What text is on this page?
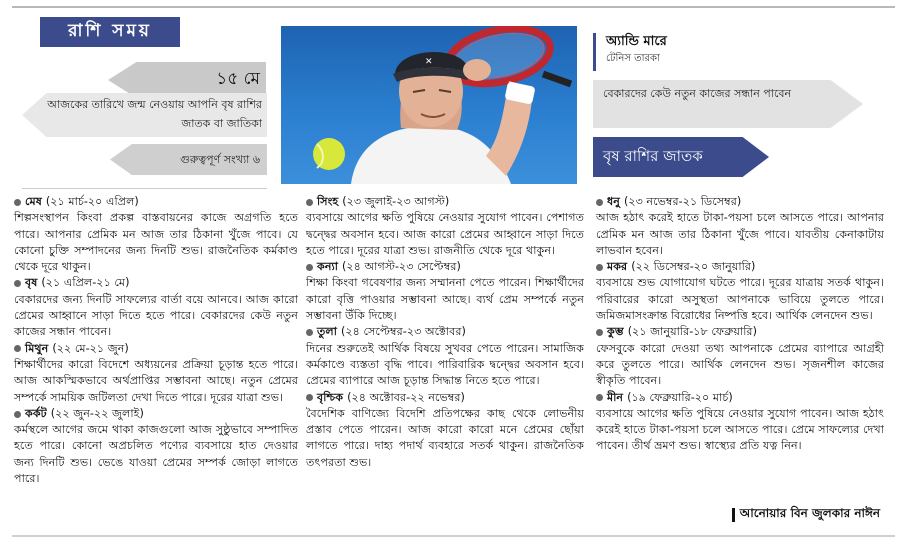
রাশি সময়
১৫ মে
আজকের তারিখে জন্ম নেওয়ায় আপনি বৃষ রাশির জাতক বা জাতিকা
গুরুত্বপূর্ণ সংখ্যা ৬
✕
অ্যান্ডি মারে
টেনিস তারকা
বেকারদের কেউ নতুন কাজের সন্ধান পাবেন
বৃষ রাশির জাতক
মেষ (২১ মার্চ-২০ এপ্রিল)
শিল্পসংস্থাপন কিংবা প্রকল্প বাস্তবায়নের কাজে অগ্রগতি হতে পারে। আপনার প্রেমিক মন আজ তার ঠিকানা খুঁজে পাবে। যে কোনো চুক্তি সম্পাদনের জন্য দিনটি শুভ। রাজনৈতিক কর্মকাণ্ড থেকে দূরে থাকুন।
বৃষ (২১ এপ্রিল-২১ মে)
বেকারদের জন্য দিনটি সাফল্যের বার্তা বয়ে আনবে। আজ কারো প্রেমের আহ্বানে সাড়া দিতে হতে পারে। বেকারদের কেউ নতুন কাজের সন্ধান পাবেন।
মিথুন (২২ মে-২১ জুন)
শিক্ষার্থীদের কারো বিদেশে অধ্যয়নের প্রক্রিয়া চূড়ান্ত হতে পারে। আজ আকস্মিকভাবে অর্থপ্রাপ্তির সম্ভাবনা আছে। নতুন প্রেমের সম্পর্কে সাময়িক জটিলতা দেখা দিতে পারে। দূরের যাত্রা শুভ।
কর্কট (২২ জুন-২২ জুলাই)
কর্মস্থলে আগের জমে থাকা কাজগুলো আজ সুষ্ঠুভাবে সম্পাদিত হতে পারে। কোনো অপ্রচলিত পণ্যের ব্যবসায়ে হাত দেওয়ার জন্য দিনটি শুভ। ভেঙে যাওয়া প্রেমের সম্পর্ক জোড়া লাগতে পারে।
সিংহ (২৩ জুলাই-২৩ আগস্ট)
ব্যবসায়ে আগের ক্ষতি পুষিয়ে নেওয়ার সুযোগ পাবেন। পেশাগত দ্বন্দ্বের অবসান হবে। আজ কারো প্রেমের আহ্বানে সাড়া দিতে হতে পারে। দূরের যাত্রা শুভ। রাজনীতি থেকে দূরে থাকুন।
কন্যা (২৪ আগস্ট-২৩ সেপ্টেম্বর)
শিক্ষা কিংবা গবেষণার জন্য সম্মাননা পেতে পারেন। শিক্ষার্থীদের কারো বৃত্তি পাওয়ার সম্ভাবনা আছে। ব্যর্থ প্রেম সম্পর্কে নতুন সম্ভাবনা উঁকি দিচ্ছে।
তুলা (২৪ সেপ্টেম্বর-২৩ অক্টোবর)
দিনের শুরুতেই আর্থিক বিষয়ে সুখবর পেতে পারেন। সামাজিক কর্মকাণ্ডে ব্যস্ততা বৃদ্ধি পাবে। পারিবারিক দ্বন্দ্বের অবসান হবে। প্রেমের ব্যাপারে আজ চূড়ান্ত সিদ্ধান্ত নিতে হতে পারে।
বৃশ্চিক (২৪ অক্টোবর-২২ নভেম্বর)
বৈদেশিক বাণিজ্যে বিদেশি প্রতিপক্ষের কাছ থেকে লোভনীয় প্রস্তাব পেতে পারেন। আজ কারো কারো মনে প্রেমের ছোঁয়া লাগতে পারে। দাহ্য পদার্থ ব্যবহারে সতর্ক থাকুন। রাজনৈতিক তৎপরতা শুভ।
ধনু (২৩ নভেম্বর-২১ ডিসেম্বর)
আজ হঠাৎ করেই হাতে টাকা-পয়সা চলে আসতে পারে। আপনার প্রেমিক মন আজ তার ঠিকানা খুঁজে পাবে। যাবতীয় কেনাকাটায় লাভবান হবেন।
মকর (২২ ডিসেম্বর-২০ জানুয়ারি)
ব্যবসায়ে শুভ যোগাযোগ ঘটতে পারে। দূরের যাত্রায় সতর্ক থাকুন। পরিবারের কারো অসুস্থতা আপনাকে ভাবিয়ে তুলতে পারে। জমিজমাসংক্রান্ত বিরোধের নিষ্পত্তি হবে। আর্থিক লেনদেন শুভ।
কুম্ভ (২১ জানুয়ারি-১৮ ফেব্রুয়ারি)
ফেসবুকে কারো দেওয়া তথ্য আপনাকে প্রেমের ব্যাপারে আগ্রহী করে তুলতে পারে। আর্থিক লেনদেন শুভ। সৃজনশীল কাজের স্বীকৃতি পাবেন।
মীন (১৯ ফেব্রুয়ারি-২০ মার্চ)
ব্যবসায়ে আগের ক্ষতি পুষিয়ে নেওয়ার সুযোগ পাবেন। আজ হঠাৎ করেই হাতে টাকা-পয়সা চলে আসতে পারে। প্রেমে সাফল্যের দেখা পাবেন। তীর্থ ভ্রমণ শুভ। স্বাস্থ্যের প্রতি যত্ন নিন।
আনোয়ার বিন জুলকার নাঈন
